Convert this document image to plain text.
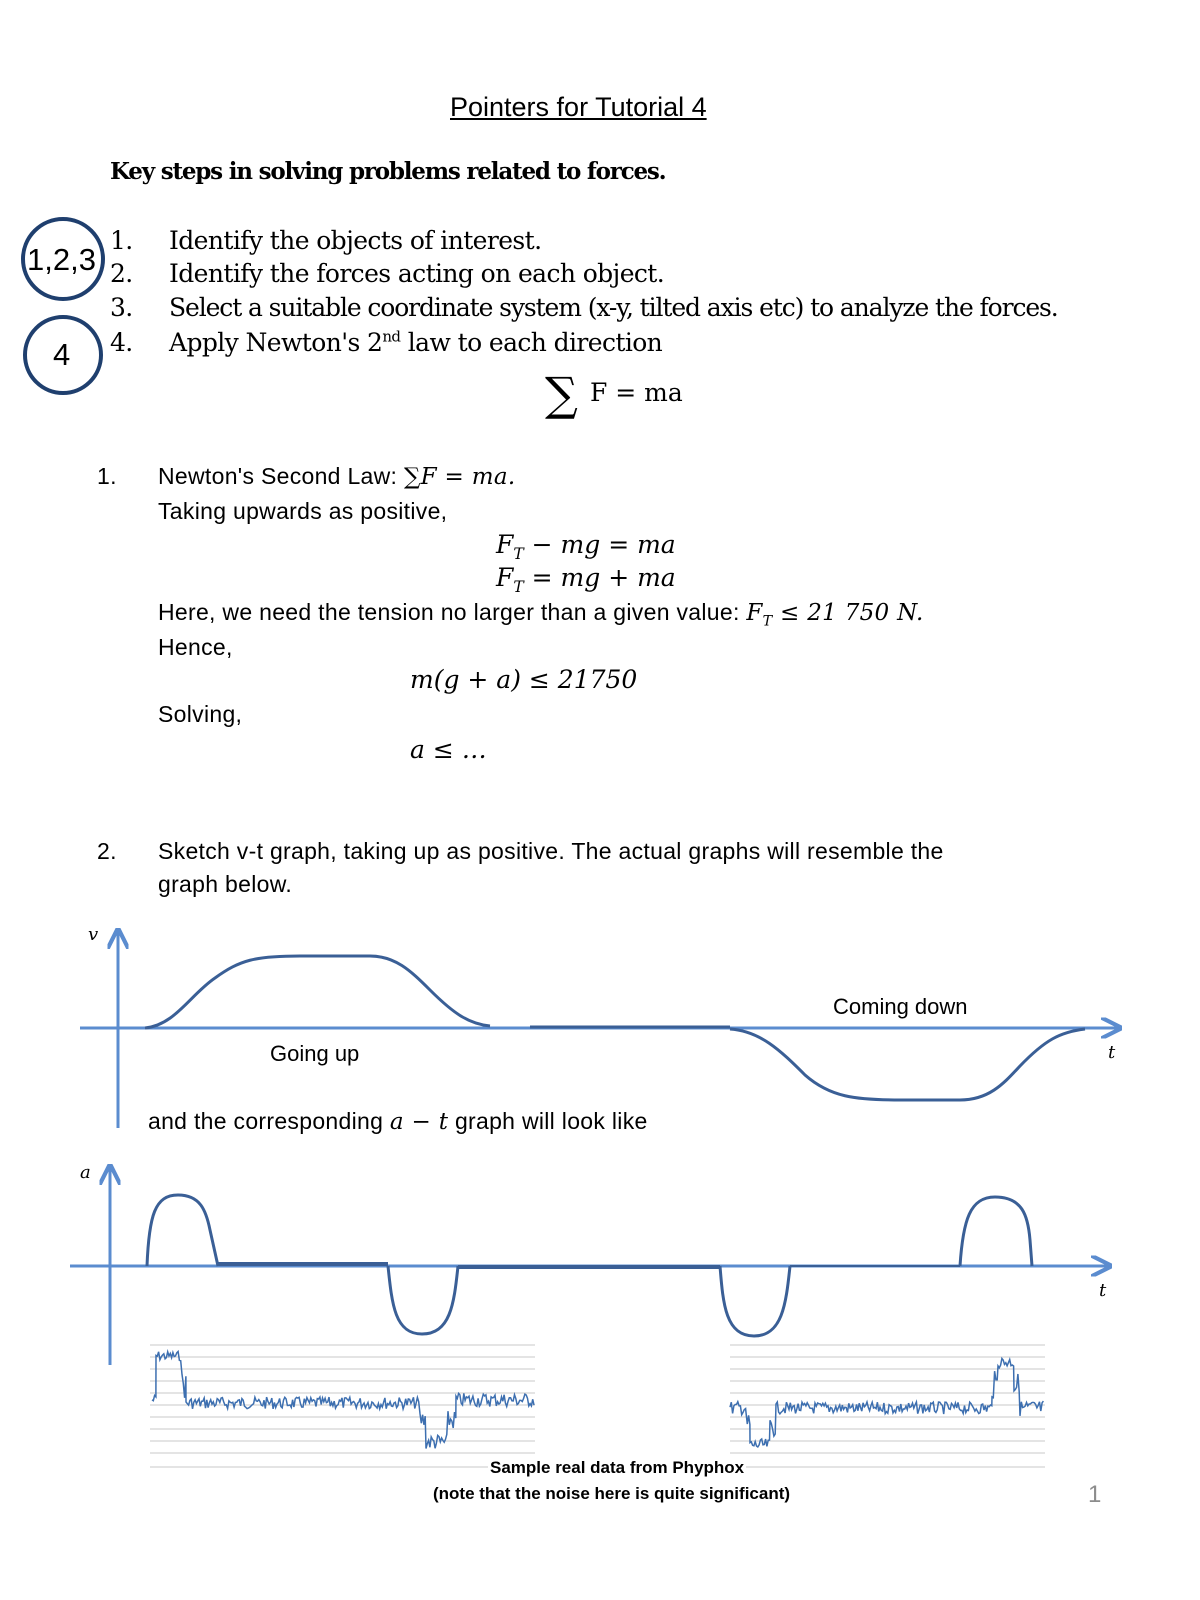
Pointers for Tutorial 4
Key steps in solving problems related to forces.
1,2,3
4
1. Identify the objects of interest.
2. Identify the forces acting on each object.
3. Select a suitable coordinate system (x-y, tilted axis etc) to analyze the forces.
4. Apply Newton's 2nd law to each direction
∑ F = ma
1. Newton's Second Law: ∑F = ma.
Taking upwards as positive,
$F_T$ − mg = ma
$F_T$ = mg + ma
Here, we need the tension no larger than a given value: $F_T \le 21$ 750 N.
Hence,
m(g + a) ≤ 21750
Solving,
a ≤ …
2. Sketch v-t graph, taking up as positive. The actual graphs will resemble the
graph below.
v
t
Going up
Coming down
and the corresponding a − t graph will look like
a
t
Sample real data from Phyphox
(note that the noise here is quite significant)	1
